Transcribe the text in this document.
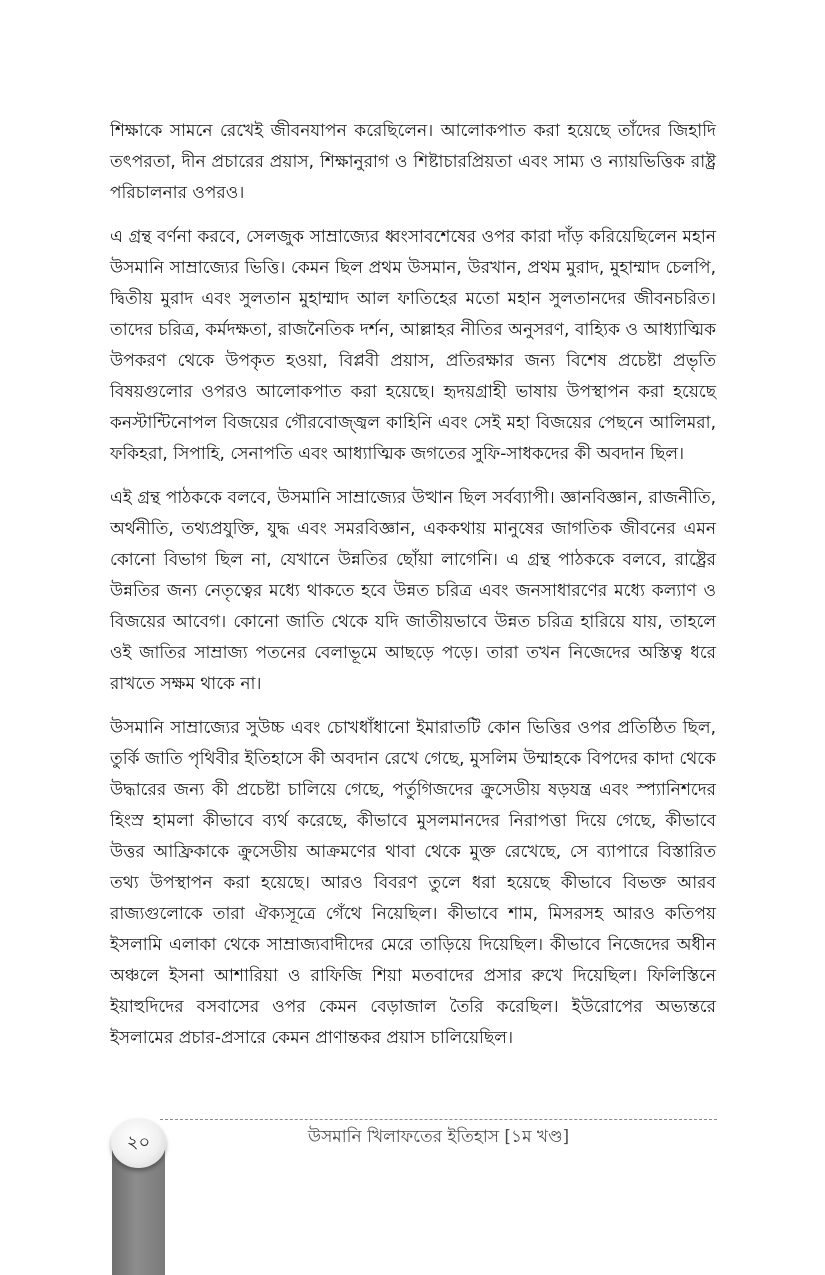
শিক্ষাকে সামনে রেখেই জীবনযাপন করেছিলেন। আলোকপাত করা হয়েছে তাঁদের জিহাদি তৎপরতা, দীন প্রচারের প্রয়াস, শিক্ষানুরাগ ও শিষ্টাচারপ্রিয়তা এবং সাম্য ও ন্যায়ভিত্তিক রাষ্ট্র পরিচালনার ওপরও।

এ গ্রন্থ বর্ণনা করবে, সেলজুক সাম্রাজ্যের ধ্বংসাবশেষের ওপর কারা দাঁড় করিয়েছিলেন মহান উসমানি সাম্রাজ্যের ভিত্তি। কেমন ছিল প্রথম উসমান, উরখান, প্রথম মুরাদ, মুহাম্মাদ চেলপি, দ্বিতীয় মুরাদ এবং সুলতান মুহাম্মাদ আল ফাতিহের মতো মহান সুলতানদের জীবনচরিত। তাদের চরিত্র, কর্মদক্ষতা, রাজনৈতিক দর্শন, আল্লাহর নীতির অনুসরণ, বাহ্যিক ও আধ্যাত্মিক উপকরণ থেকে উপকৃত হওয়া, বিপ্লবী প্রয়াস, প্রতিরক্ষার জন্য বিশেষ প্রচেষ্টা প্রভৃতি বিষয়গুলোর ওপরও আলোকপাত করা হয়েছে। হৃদয়গ্রাহী ভাষায় উপস্থাপন করা হয়েছে কনস্টান্টিনোপল বিজয়ের গৌরবোজ্জ্বল কাহিনি এবং সেই মহা বিজয়ের পেছনে আলিমরা, ফকিহরা, সিপাহি, সেনাপতি এবং আধ্যাত্মিক জগতের সুফি-সাধকদের কী অবদান ছিল।

এই গ্রন্থ পাঠককে বলবে, উসমানি সাম্রাজ্যের উত্থান ছিল সর্বব্যাপী। জ্ঞানবিজ্ঞান, রাজনীতি, অর্থনীতি, তথ্যপ্রযুক্তি, যুদ্ধ এবং সমরবিজ্ঞান, এককথায় মানুষের জাগতিক জীবনের এমন কোনো বিভাগ ছিল না, যেখানে উন্নতির ছোঁয়া লাগেনি। এ গ্রন্থ পাঠককে বলবে, রাষ্ট্রের উন্নতির জন্য নেতৃত্বের মধ্যে থাকতে হবে উন্নত চরিত্র এবং জনসাধারণের মধ্যে কল্যাণ ও বিজয়ের আবেগ। কোনো জাতি থেকে যদি জাতীয়ভাবে উন্নত চরিত্র হারিয়ে যায়, তাহলে ওই জাতির সাম্রাজ্য পতনের বেলাভূমে আছড়ে পড়ে। তারা তখন নিজেদের অস্তিত্ব ধরে রাখতে সক্ষম থাকে না।

উসমানি সাম্রাজ্যের সুউচ্চ এবং চোখধাঁধানো ইমারাতটি কোন ভিত্তির ওপর প্রতিষ্ঠিত ছিল, তুর্কি জাতি পৃথিবীর ইতিহাসে কী অবদান রেখে গেছে, মুসলিম উম্মাহকে বিপদের কাদা থেকে উদ্ধারের জন্য কী প্রচেষ্টা চালিয়ে গেছে, পর্তুগিজদের ক্রুসেডীয় ষড়যন্ত্র এবং স্প্যানিশদের হিংস্র হামলা কীভাবে ব্যর্থ করেছে, কীভাবে মুসলমানদের নিরাপত্তা দিয়ে গেছে, কীভাবে উত্তর আফ্রিকাকে ক্রুসেডীয় আক্রমণের থাবা থেকে মুক্ত রেখেছে, সে ব্যাপারে বিস্তারিত তথ্য উপস্থাপন করা হয়েছে। আরও বিবরণ তুলে ধরা হয়েছে কীভাবে বিভক্ত আরব রাজ্যগুলোকে তারা ঐক্যসূত্রে গেঁথে নিয়েছিল। কীভাবে শাম, মিসরসহ আরও কতিপয় ইসলামি এলাকা থেকে সাম্রাজ্যবাদীদের মেরে তাড়িয়ে দিয়েছিল। কীভাবে নিজেদের অধীন অঞ্চলে ইসনা আশারিয়া ও রাফিজি শিয়া মতবাদের প্রসার রুখে দিয়েছিল। ফিলিস্তিনে ইয়াহুদিদের বসবাসের ওপর কেমন বেড়াজাল তৈরি করেছিল। ইউরোপের অভ্যন্তরে ইসলামের প্রচার-প্রসারে কেমন প্রাণান্তকর প্রয়াস চালিয়েছিল।

উসমানি খিলাফতের ইতিহাস [১ম খণ্ড]
২০
